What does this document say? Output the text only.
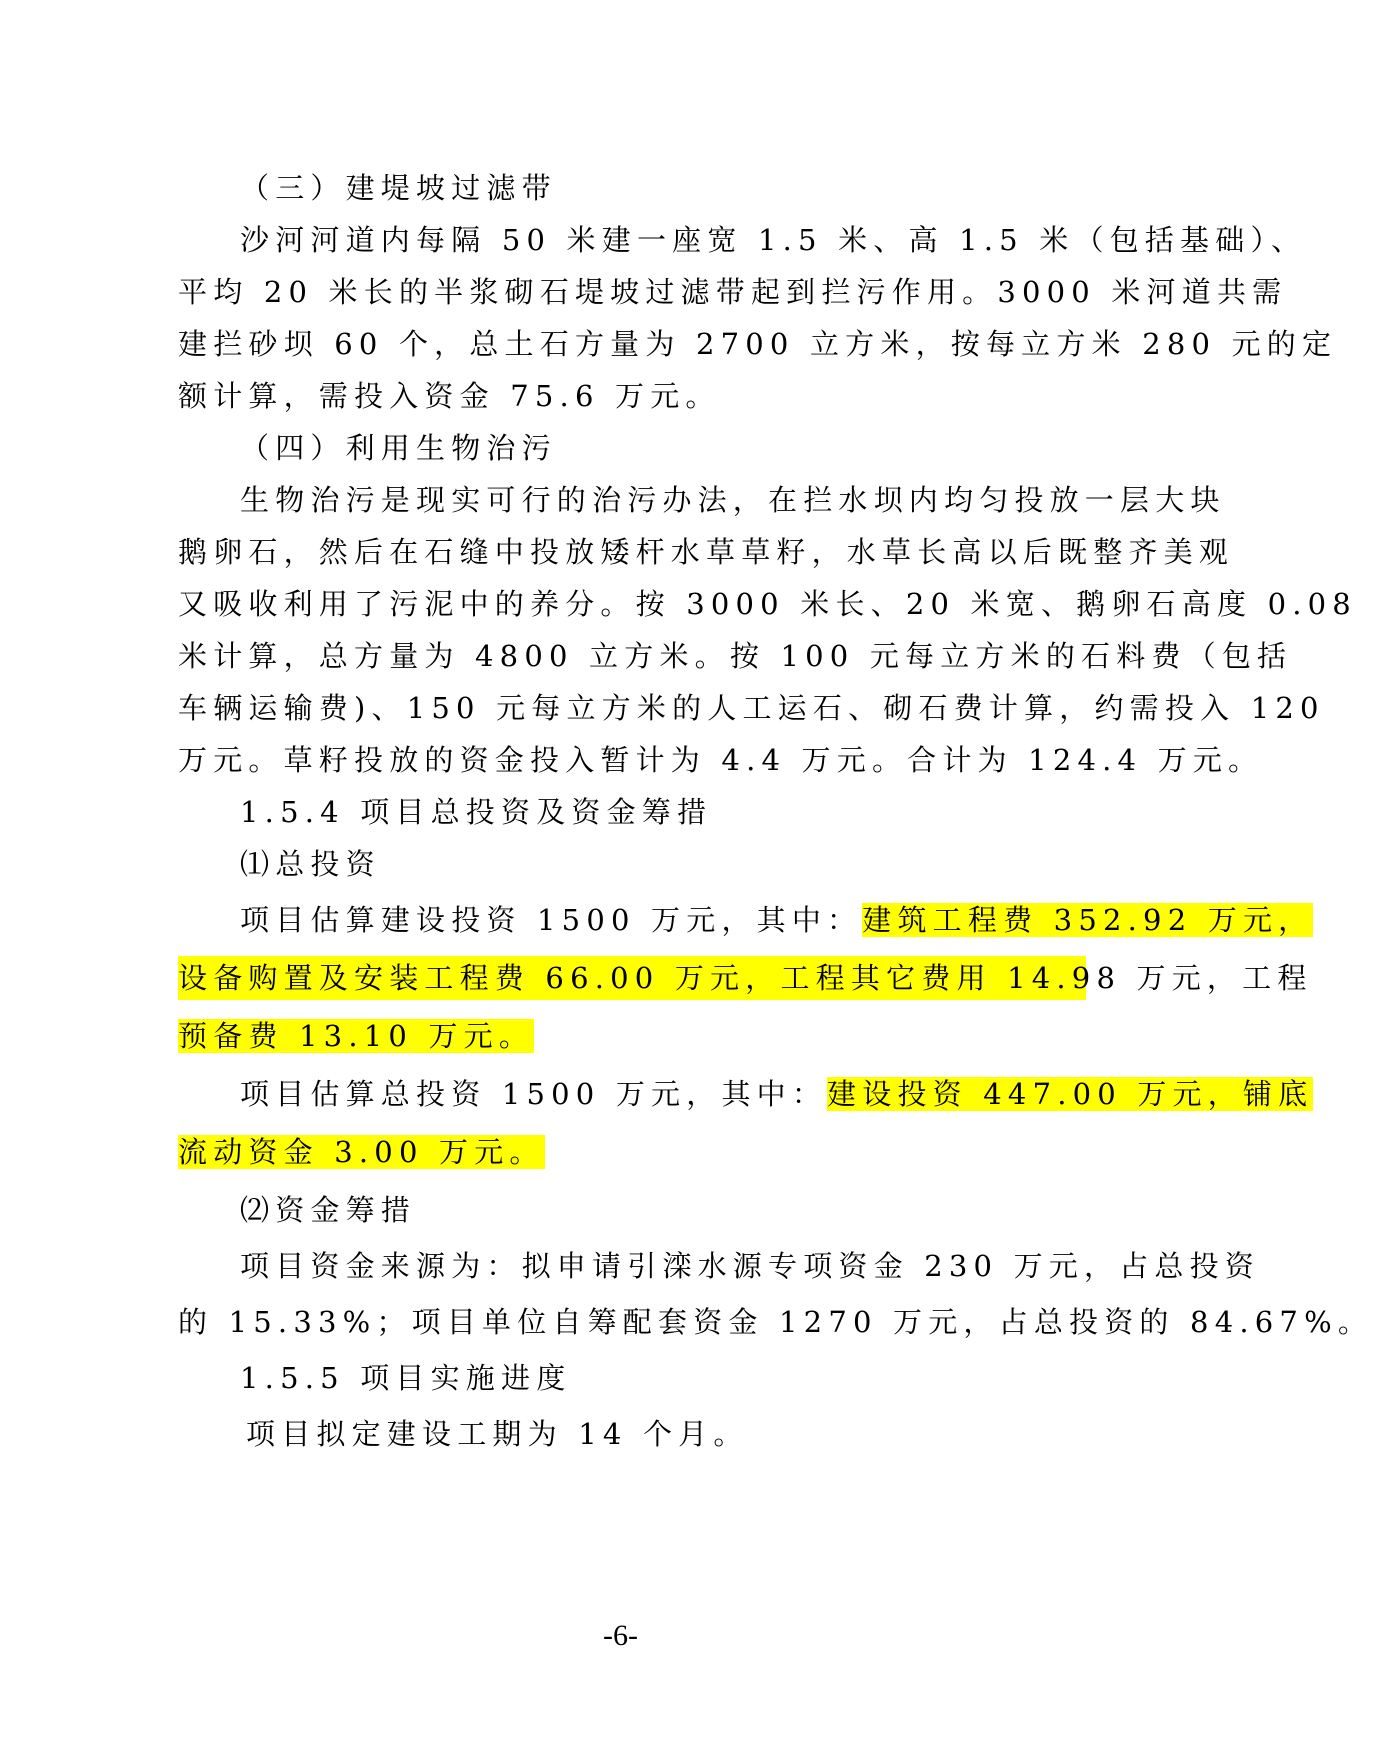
（三）建堤坡过滤带
沙河河道内每隔 50 米建一座宽 1.5 米、高 1.5 米（包括基础）、
平均 20 米长的半浆砌石堤坡过滤带起到拦污作用。3000 米河道共需
建拦砂坝 60 个，总土石方量为 2700 立方米，按每立方米 280 元的定
额计算，需投入资金 75.6 万元。
（四）利用生物治污
生物治污是现实可行的治污办法，在拦水坝内均匀投放一层大块
鹅卵石，然后在石缝中投放矮杆水草草籽，水草长高以后既整齐美观
又吸收利用了污泥中的养分。按 3000 米长、20 米宽、鹅卵石高度 0.08
米计算，总方量为 4800 立方米。按 100 元每立方米的石料费（包括
车辆运输费)、150 元每立方米的人工运石、砌石费计算，约需投入 120
万元。草籽投放的资金投入暂计为 4.4 万元。合计为 124.4 万元。
1.5.4 项目总投资及资金筹措
⑴总投资
项目估算建设投资 1500 万元，其中：建筑工程费 352.92 万元，
设备购置及安装工程费 66.00 万元，工程其它费用 14.98 万元，工程
预备费 13.10 万元。
项目估算总投资 1500 万元，其中：建设投资 447.00 万元，铺底
流动资金 3.00 万元。
⑵资金筹措
项目资金来源为：拟申请引滦水源专项资金 230 万元，占总投资
的 15.33%；项目单位自筹配套资金 1270 万元，占总投资的 84.67%。
1.5.5 项目实施进度
项目拟定建设工期为 14 个月。
-6-
